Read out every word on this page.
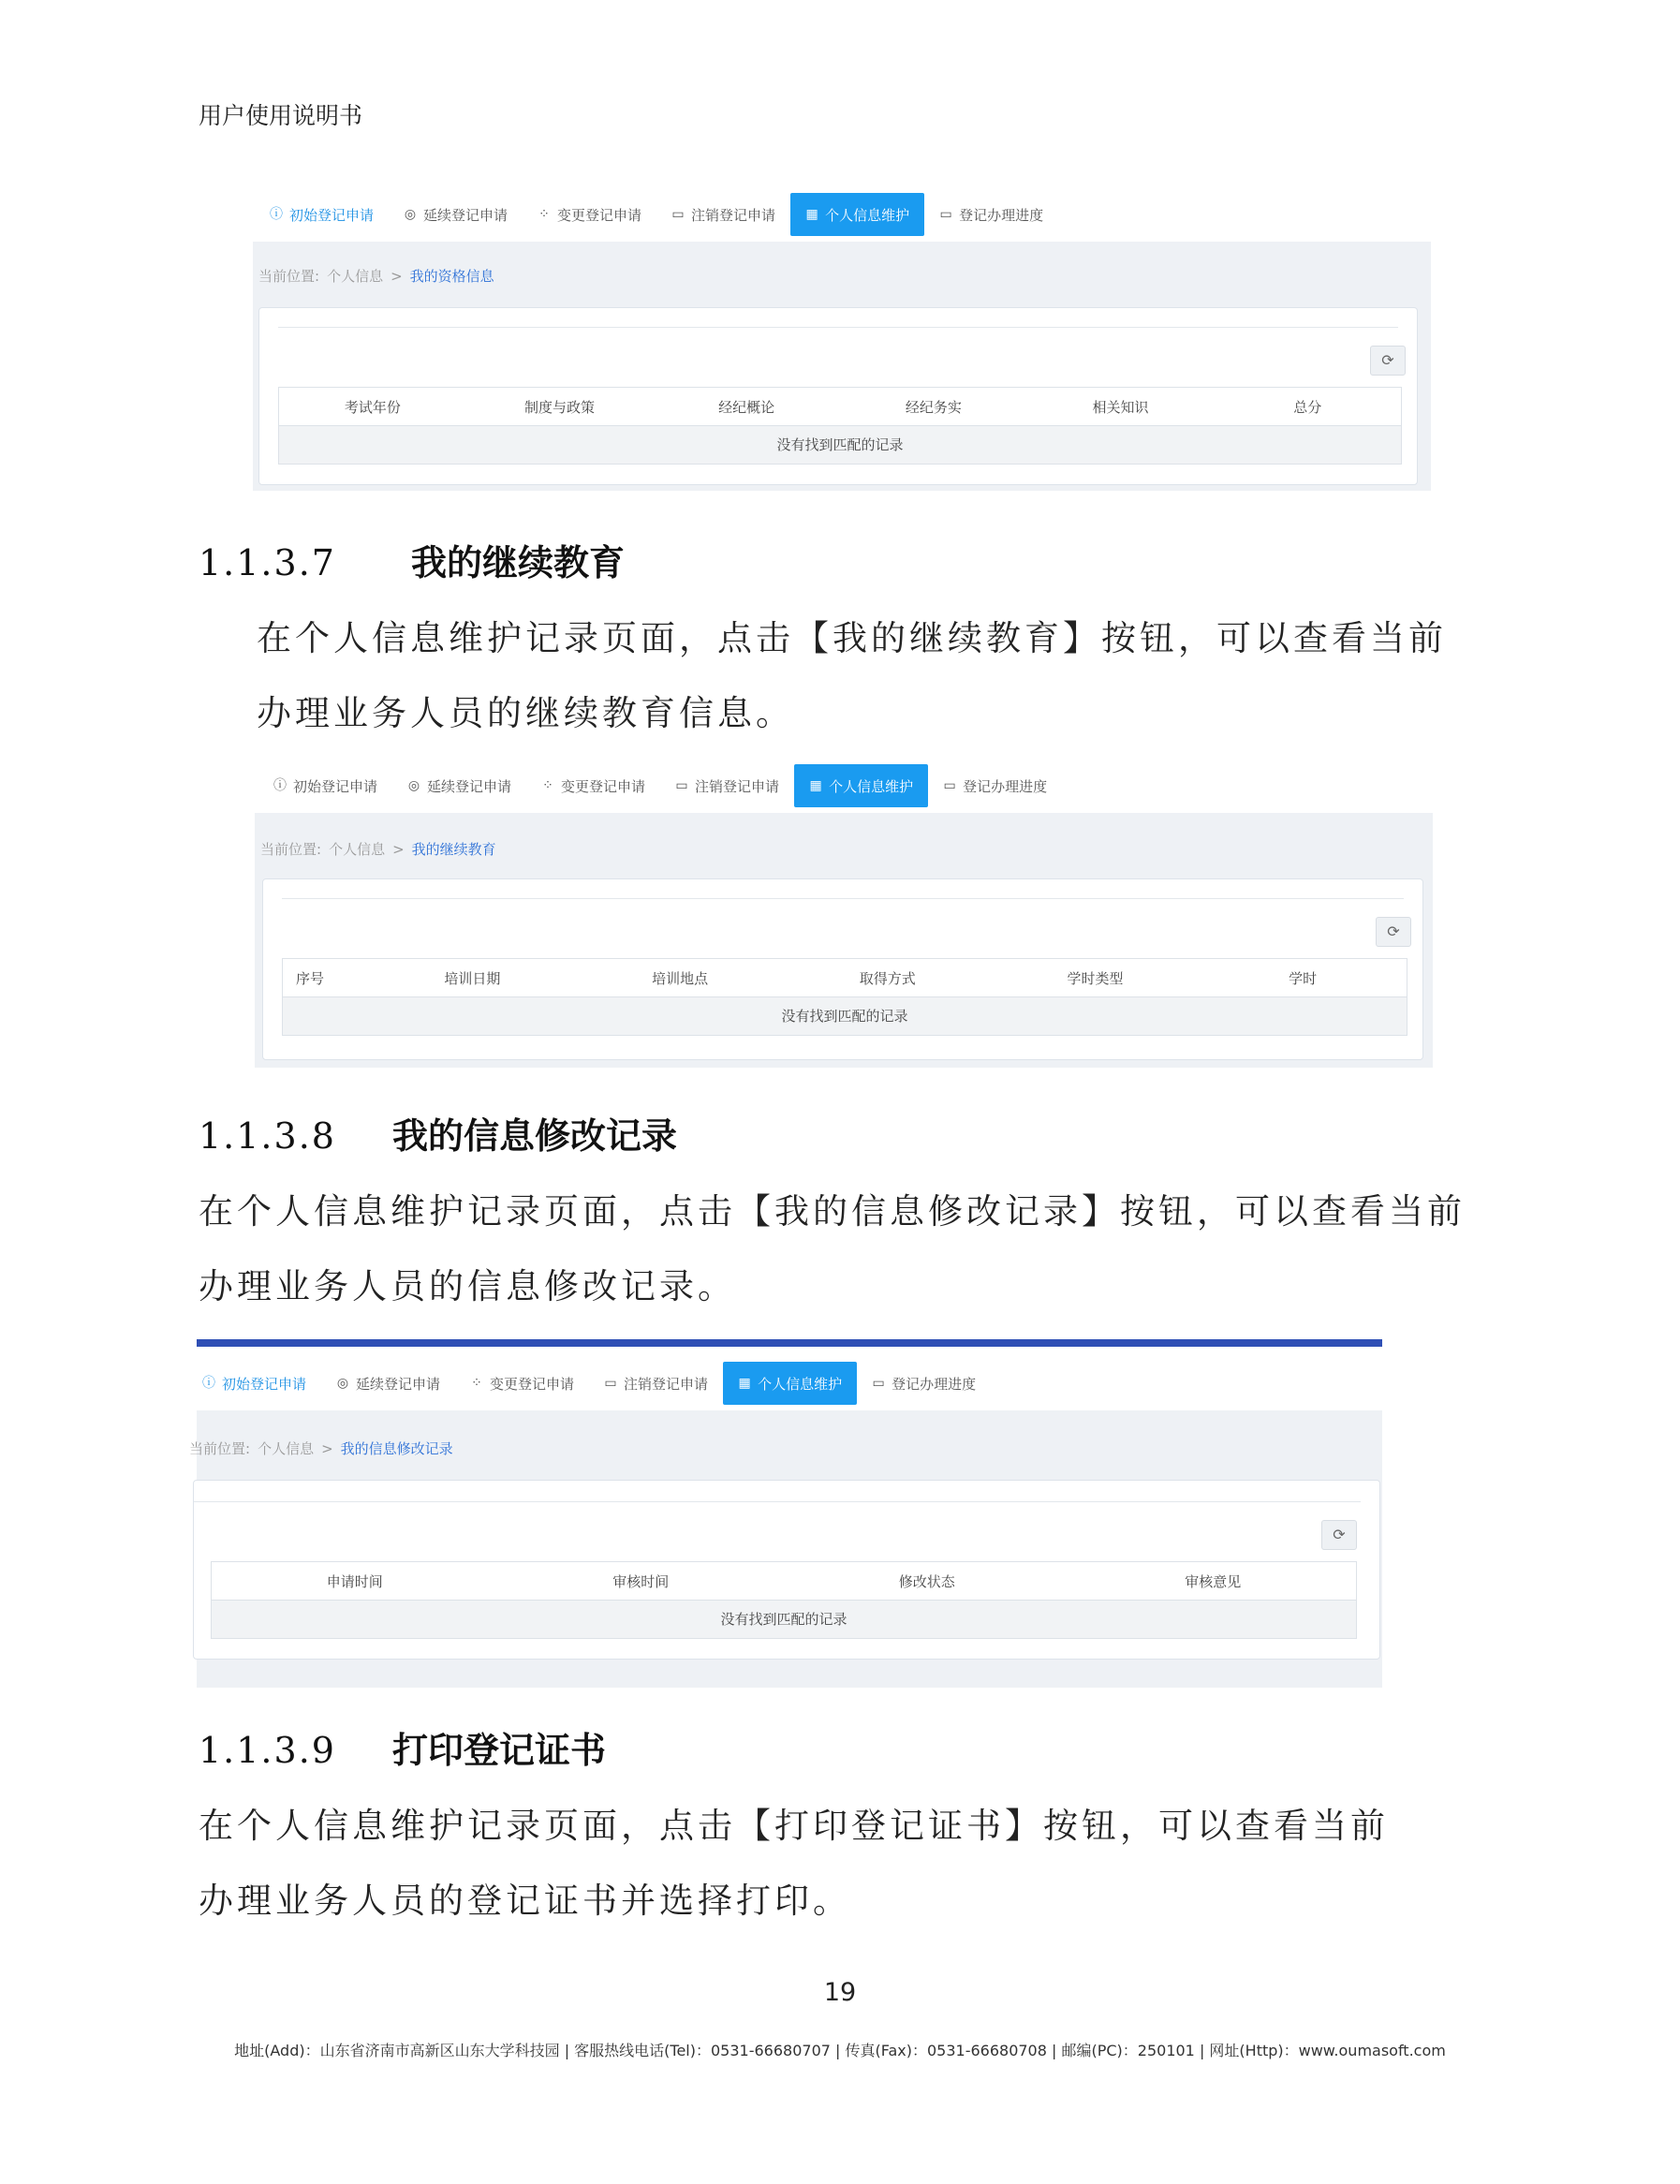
用户使用说明书
ⓘ 初始登记申请 ◎ 延续登记申请 ⁘ 变更登记申请 ▭ 注销登记申请 ▦ 个人信息维护 ▭ 登记办理进度
当前位置: 个人信息 > 我的资格信息
⟳
考试年份	制度与政策	经纪概论	经纪务实	相关知识	总分
没有找到匹配的记录
1.1.3.7 我的继续教育
在个人信息维护记录页面，点击【我的继续教育】按钮，可以查看当前
办理业务人员的继续教育信息。
ⓘ 初始登记申请 ◎ 延续登记申请 ⁘ 变更登记申请 ▭ 注销登记申请 ▦ 个人信息维护 ▭ 登记办理进度
当前位置: 个人信息 > 我的继续教育
⟳
序号	培训日期	培训地点	取得方式	学时类型	学时
没有找到匹配的记录
1.1.3.8 我的信息修改记录
在个人信息维护记录页面，点击【我的信息修改记录】按钮，可以查看当前
办理业务人员的信息修改记录。
ⓘ 初始登记申请 ◎ 延续登记申请 ⁘ 变更登记申请 ▭ 注销登记申请 ▦ 个人信息维护 ▭ 登记办理进度
当前位置: 个人信息 > 我的信息修改记录
⟳
申请时间	审核时间	修改状态	审核意见
没有找到匹配的记录
1.1.3.9 打印登记证书
在个人信息维护记录页面，点击【打印登记证书】按钮，可以查看当前
办理业务人员的登记证书并选择打印。
19
地址(Add)：山东省济南市高新区山东大学科技园 | 客服热线电话(Tel)：0531-66680707 | 传真(Fax)：0531-66680708 | 邮编(PC)：250101 | 网址(Http)：www.oumasoft.com
